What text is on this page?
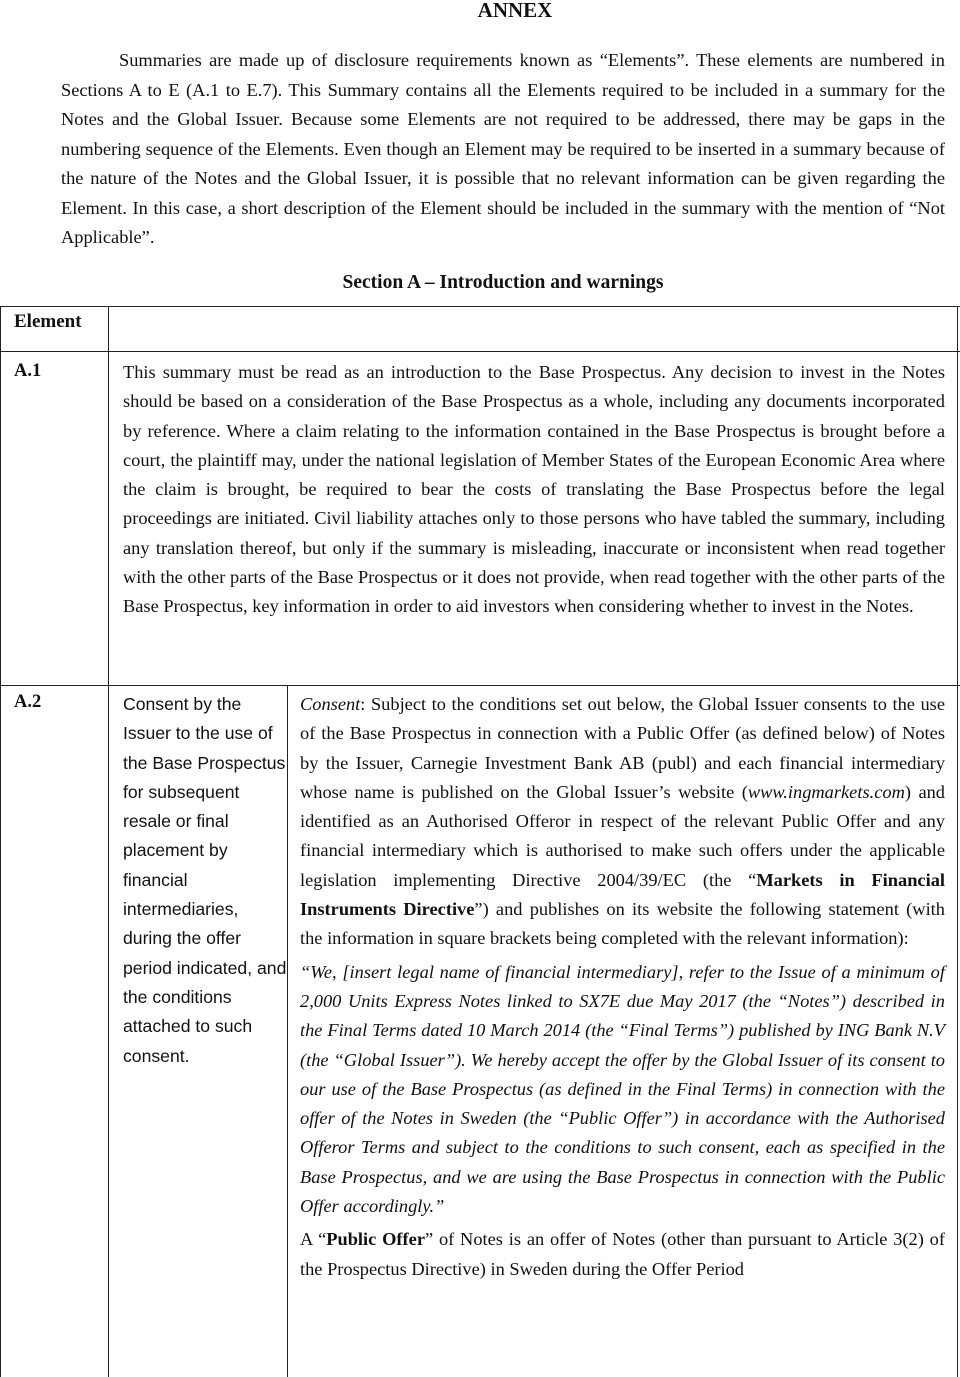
ANNEX

Summaries are made up of disclosure requirements known as “Elements”. These elements are numbered in Sections A to E (A.1 to E.7). This Summary contains all the Elements required to be included in a summary for the Notes and the Global Issuer. Because some Elements are not required to be addressed, there may be gaps in the numbering sequence of the Elements. Even though an Element may be required to be inserted in a summary because of the nature of the Notes and the Global Issuer, it is possible that no relevant information can be given regarding the Element. In this case, a short description of the Element should be included in the summary with the mention of “Not Applicable”.

Section A – Introduction and warnings
Element
A.1	This summary must be read as an introduction to the Base Prospectus. Any decision to invest in the Notes should be based on a consideration of the Base Prospectus as a whole, including any documents incorporated by reference. Where a claim relating to the information contained in the Base Prospectus is brought before a court, the plaintiff may, under the national legislation of Member States of the European Economic Area where the claim is brought, be required to bear the costs of translating the Base Prospectus before the legal proceedings are initiated. Civil liability attaches only to those persons who have tabled the summary, including any translation thereof, but only if the summary is misleading, inaccurate or inconsistent when read together with the other parts of the Base Prospectus or it does not provide, when read together with the other parts of the Base Prospectus, key information in order to aid investors when considering whether to invest in the Notes.

A.2	Consent by the Issuer to the use of the Base Prospectus for subsequent resale or final placement by financial intermediaries, during the offer period indicated, and the conditions attached to such consent.

Consent: Subject to the conditions set out below, the Global Issuer consents to the use of the Base Prospectus in connection with a Public Offer (as defined below) of Notes by the Issuer, Carnegie Investment Bank AB (publ) and each financial intermediary whose name is published on the Global Issuer’s website (www.ingmarkets.com) and identified as an Authorised Offeror in respect of the relevant Public Offer and any financial intermediary which is authorised to make such offers under the applicable legislation implementing Directive 2004/39/EC (the “Markets in Financial Instruments Directive”) and publishes on its website the following statement (with the information in square brackets being completed with the relevant information):

“We, [insert legal name of financial intermediary], refer to the Issue of a minimum of 2,000 Units Express Notes linked to SX7E due May 2017 (the “Notes”) described in the Final Terms dated 10 March 2014 (the “Final Terms”) published by ING Bank N.V (the “Global Issuer”). We hereby accept the offer by the Global Issuer of its consent to our use of the Base Prospectus (as defined in the Final Terms) in connection with the offer of the Notes in Sweden (the “Public Offer”) in accordance with the Authorised Offeror Terms and subject to the conditions to such consent, each as specified in the Base Prospectus, and we are using the Base Prospectus in connection with the Public Offer accordingly.”

A “Public Offer” of Notes is an offer of Notes (other than pursuant to Article 3(2) of the Prospectus Directive) in Sweden during the Offer Period
